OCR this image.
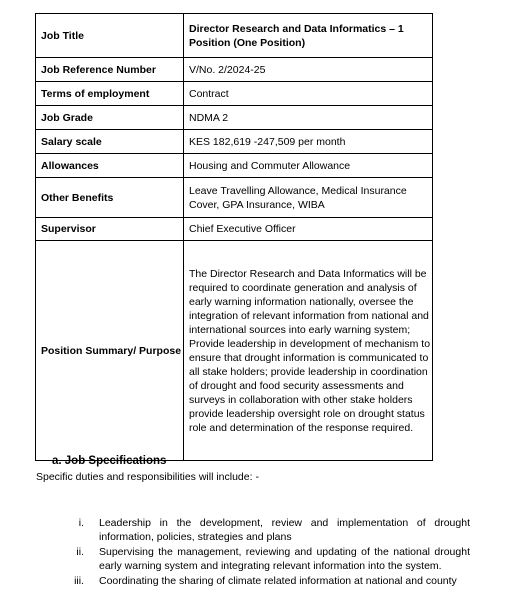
Job Title	Director Research and Data Informatics – 1 Position (One Position)
Job Reference Number	V/No. 2/2024-25
Terms of employment	Contract
Job Grade	NDMA 2
Salary scale	KES 182,619 -247,509 per month
Allowances	Housing and Commuter Allowance
Other Benefits	Leave Travelling Allowance, Medical Insurance Cover, GPA Insurance, WIBA
Supervisor	Chief Executive Officer
Position Summary/ Purpose	The Director Research and Data Informatics will be required to coordinate generation and analysis of early warning information nationally, oversee the integration of relevant information from national and international sources into early warning system; Provide leadership in development of mechanism to ensure that drought information is communicated to all stake holders; provide leadership in coordination of drought and food security assessments and surveys in collaboration with other stake holders provide leadership oversight role on drought status role and determination of the response required.
a. Job Specifications
Specific duties and responsibilities will include: -
i. Leadership in the development, review and implementation of drought information, policies, strategies and plans
ii. Supervising the management, reviewing and updating of the national drought early warning system and integrating relevant information into the system.
iii. Coordinating the sharing of climate related information at national and county
